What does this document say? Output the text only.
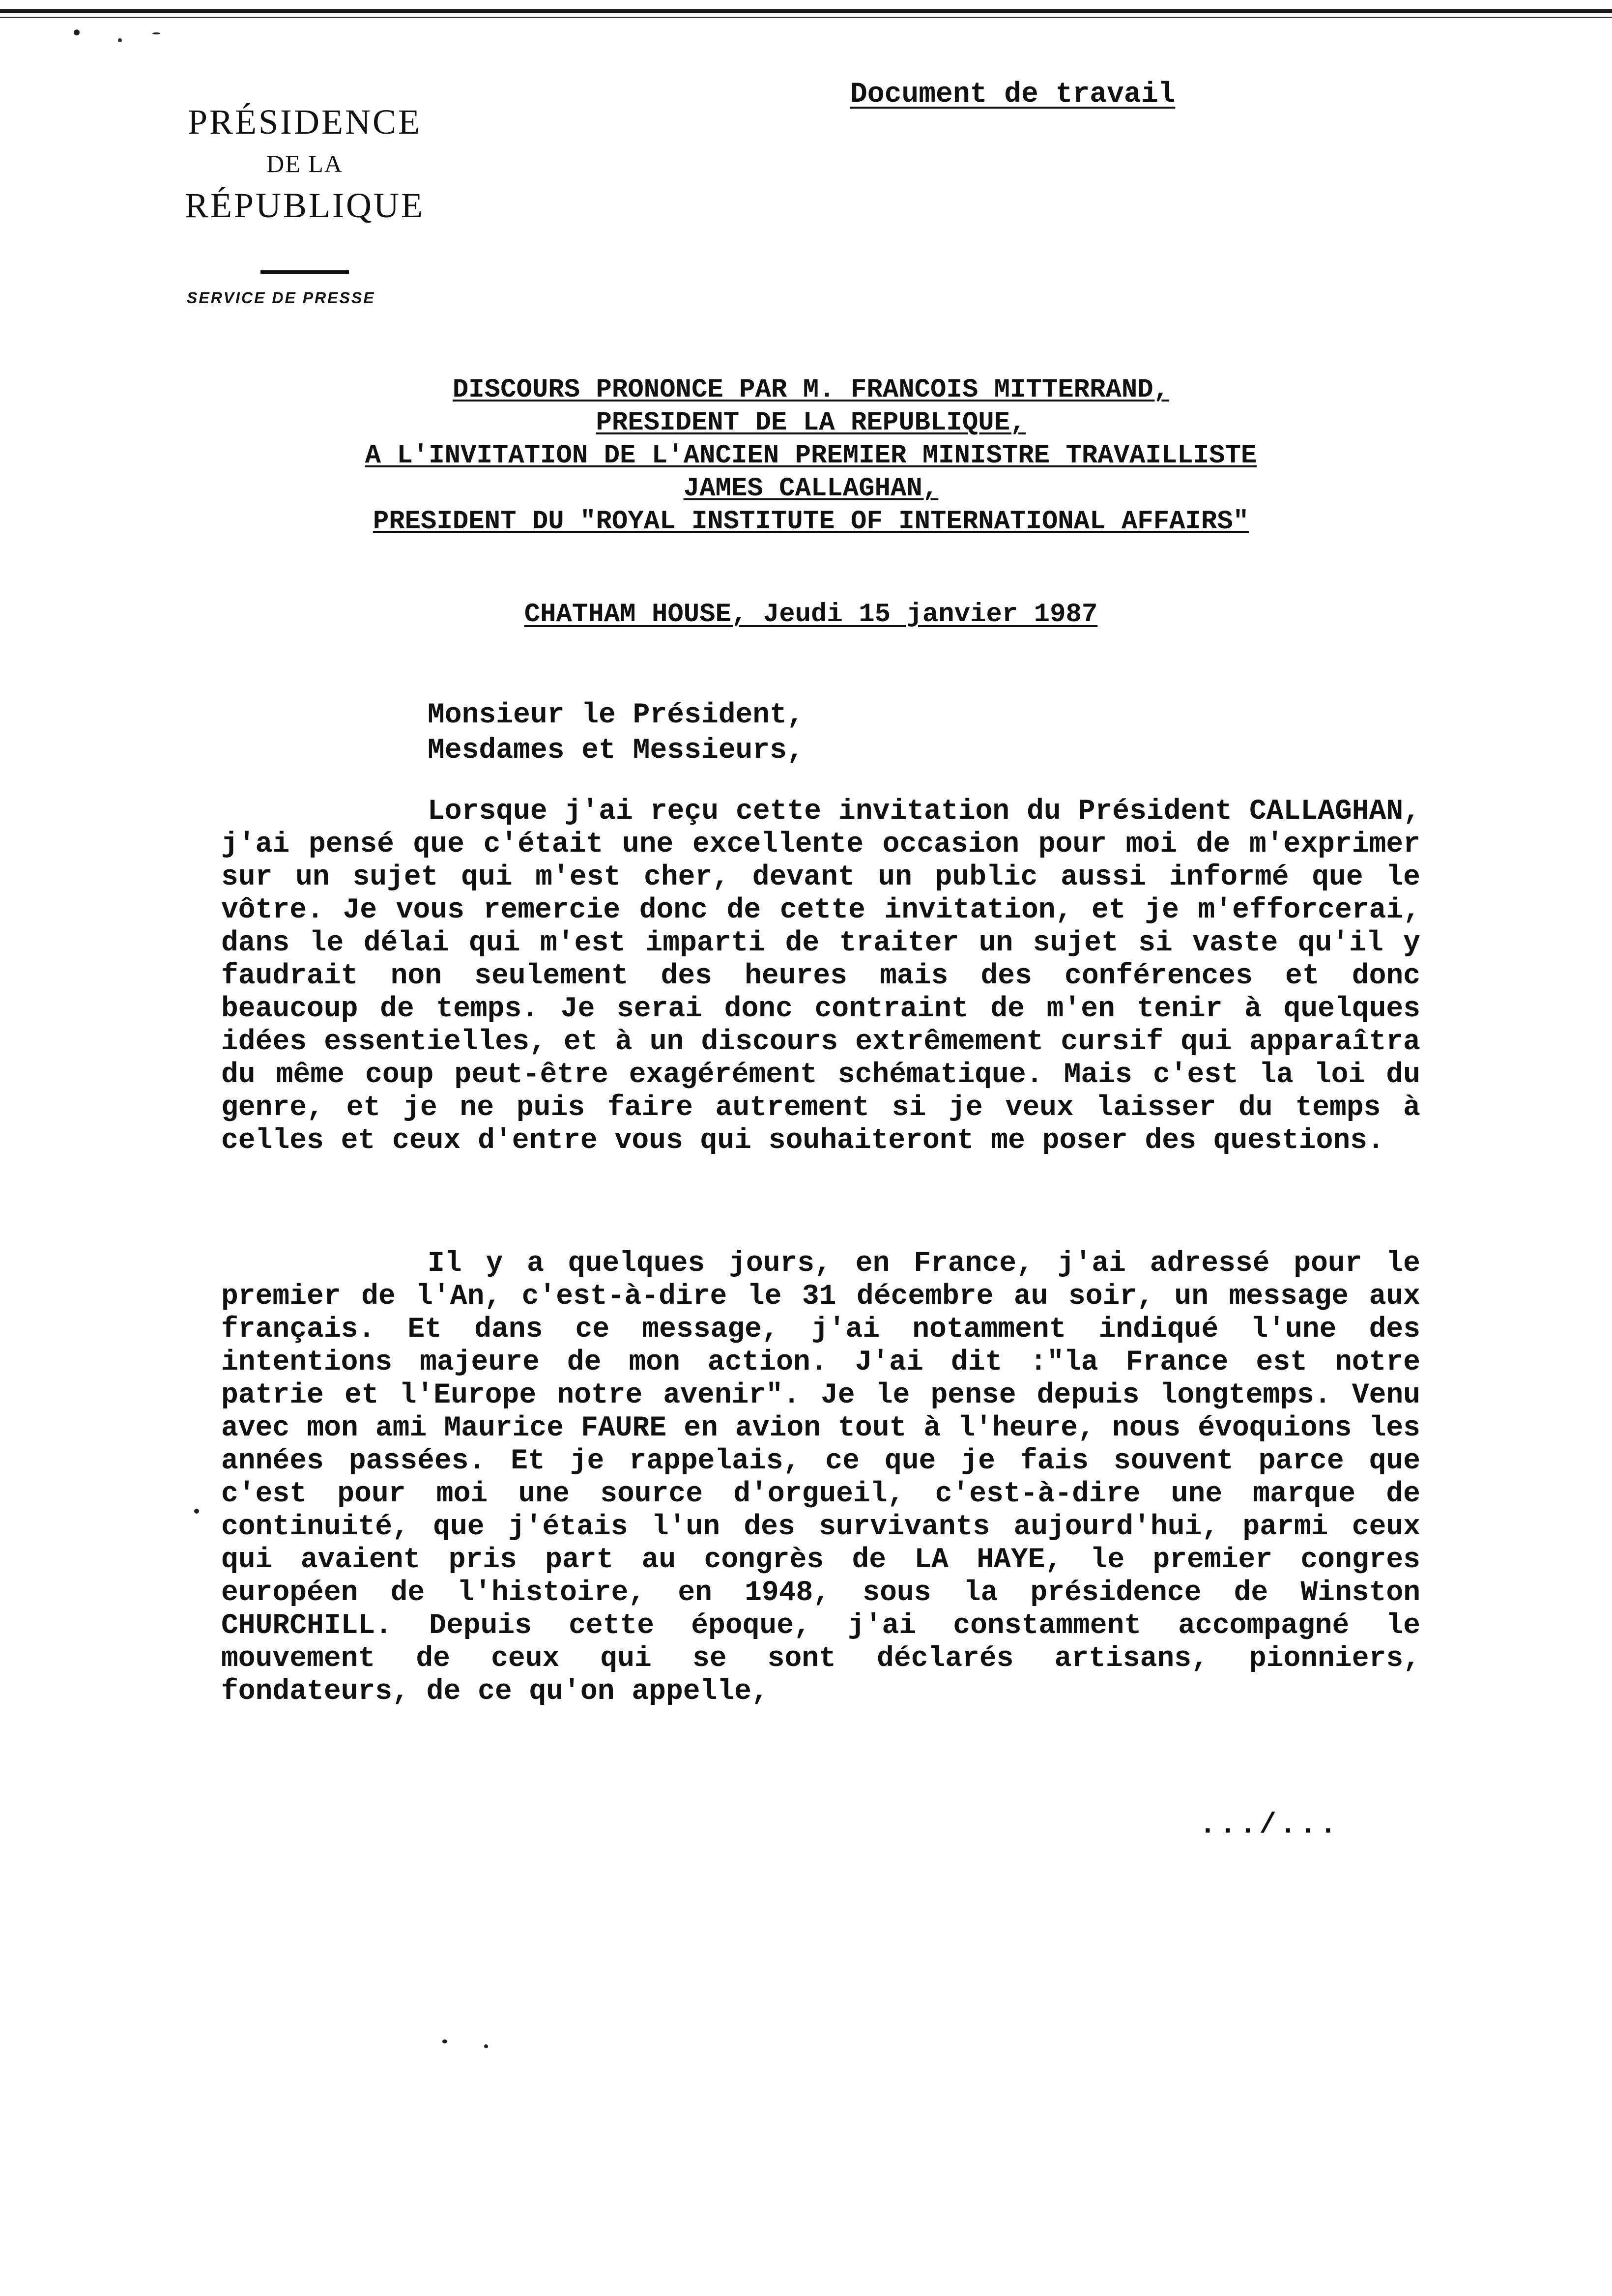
PRÉSIDENCE
DE LA
RÉPUBLIQUE
SERVICE DE PRESSE
Document de travail
DISCOURS PRONONCE PAR M. FRANCOIS MITTERRAND,
PRESIDENT DE LA REPUBLIQUE,
A L'INVITATION DE L'ANCIEN PREMIER MINISTRE TRAVAILLISTE
JAMES CALLAGHAN,
PRESIDENT DU "ROYAL INSTITUTE OF INTERNATIONAL AFFAIRS"
CHATHAM HOUSE, Jeudi 15 janvier 1987
Monsieur le Président,
Mesdames et Messieurs,

Lorsque j'ai reçu cette invitation du Président CALLAGHAN, j'ai pensé que c'était une excellente occasion pour moi de m'exprimer sur un sujet qui m'est cher, devant un public aussi informé que le vôtre. Je vous remercie donc de cette invitation, et je m'efforcerai, dans le délai qui m'est imparti de traiter un sujet si vaste qu'il y faudrait non seulement des heures mais des conférences et donc beaucoup de temps. Je serai donc contraint de m'en tenir à quelques idées essentielles, et à un discours extrêmement cursif qui apparaîtra du même coup peut-être exagérément schématique. Mais c'est la loi du genre, et je ne puis faire autrement si je veux laisser du temps à celles et ceux d'entre vous qui souhaiteront me poser des questions.

Il y a quelques jours, en France, j'ai adressé pour le premier de l'An, c'est-à-dire le 31 décembre au soir, un message aux français. Et dans ce message, j'ai notamment indiqué l'une des intentions majeure de mon action. J'ai dit :"la France est notre patrie et l'Europe notre avenir". Je le pense depuis longtemps. Venu avec mon ami Maurice FAURE en avion tout à l'heure, nous évoquions les années passées. Et je rappelais, ce que je fais souvent parce que c'est pour moi une source d'orgueil, c'est-à-dire une marque de continuité, que j'étais l'un des survivants aujourd'hui, parmi ceux qui avaient pris part au congrès de LA HAYE, le premier congres européen de l'histoire, en 1948, sous la présidence de Winston CHURCHILL. Depuis cette époque, j'ai constamment accompagné le mouvement de ceux qui se sont déclarés artisans, pionniers, fondateurs, de ce qu'on appelle,

.../...
